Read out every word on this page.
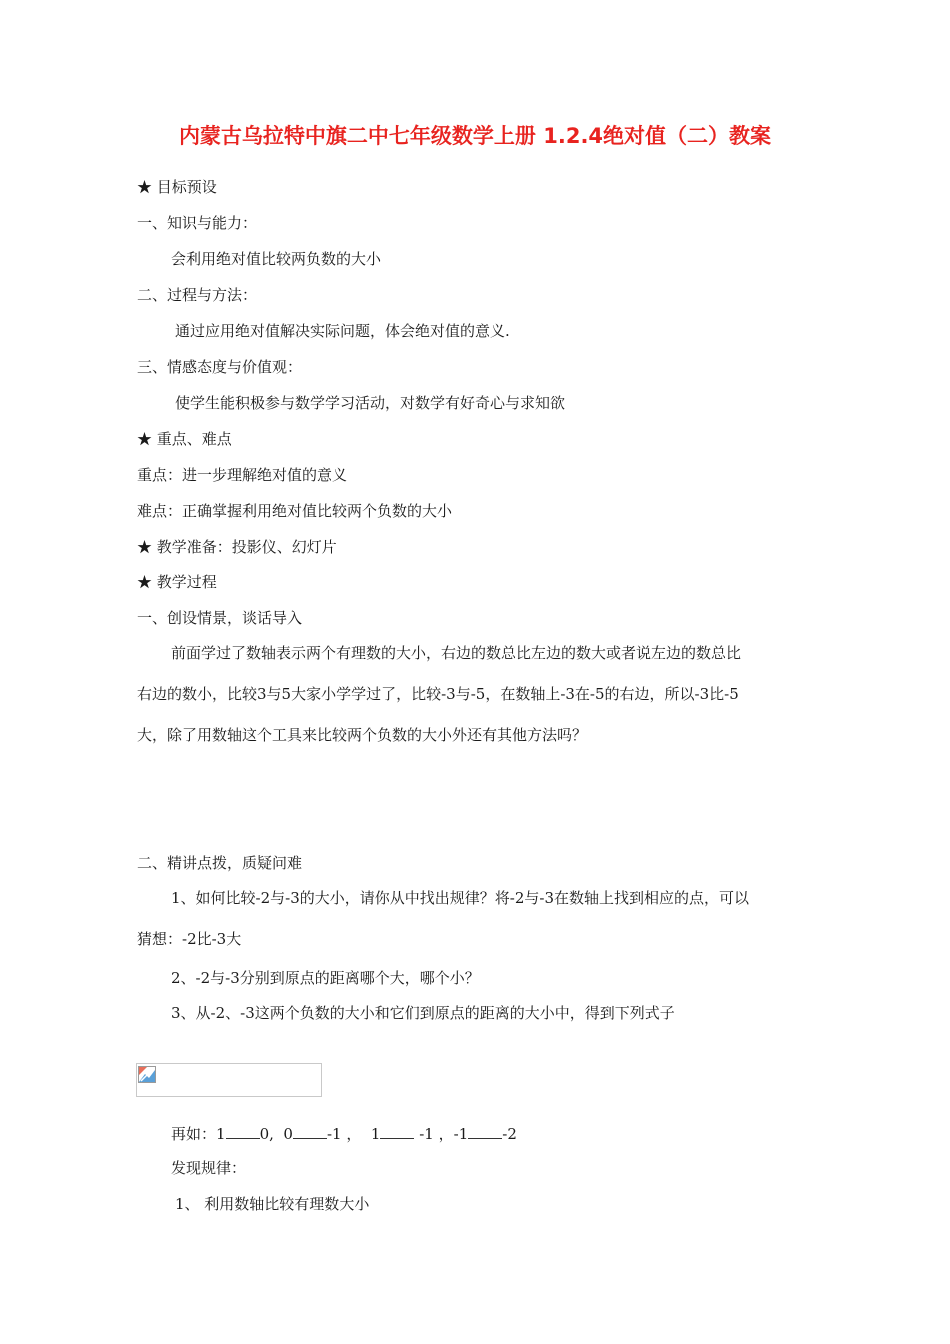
内蒙古乌拉特中旗二中七年级数学上册 1.2.4绝对值（二）教案
★ 目标预设
一、知识与能力：
会利用绝对值比较两负数的大小
二、过程与方法：
通过应用绝对值解决实际问题，体会绝对值的意义.
三、情感态度与价值观：
使学生能积极参与数学学习活动，对数学有好奇心与求知欲
★ 重点、难点
重点：进一步理解绝对值的意义
难点：正确掌握利用绝对值比较两个负数的大小
★ 教学准备：投影仪、幻灯片
★ 教学过程
一、创设情景，谈话导入
前面学过了数轴表示两个有理数的大小，右边的数总比左边的数大或者说左边的数总比右边的数小，比较3与5大家小学学过了，比较-3与-5，在数轴上-3在-5的右边，所以-3比-5大，除了用数轴这个工具来比较两个负数的大小外还有其他方法吗？
二、精讲点拨，质疑问难
1、如何比较-2与-3的大小，请你从中找出规律？将-2与-3在数轴上找到相应的点，可以猜想：-2比-3大
2、-2与-3分别到原点的距离哪个大，哪个小？
3、从-2、-3这两个负数的大小和它们到原点的距离的大小中，得到下列式子
再如：1 0, 0 -1 ， 1	-1 ，-1 -2
发现规律：
1、 利用数轴比较有理数大小
